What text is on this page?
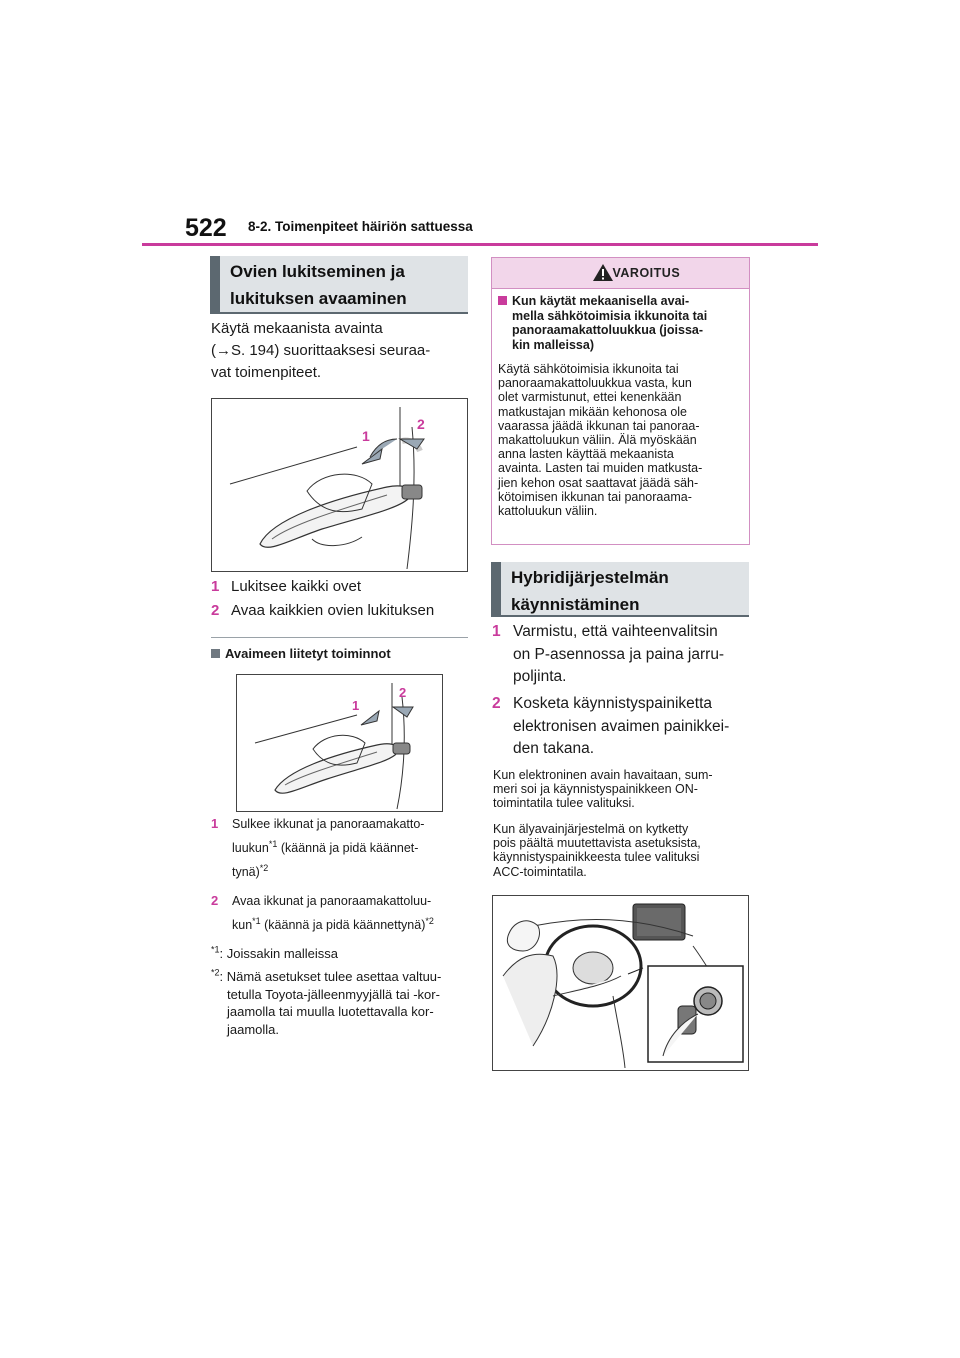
522 8-2. Toimenpiteet häiriön sattuessa
Ovien lukitseminen ja
lukituksen avaaminen
Käytä mekaanista avainta
(→S. 194) suorittaaksesi seuraa-
vat toimenpiteet.
1
2
1 Lukitsee kaikki ovet
2 Avaa kaikkien ovien lukituksen
Avaimeen liitetyt toiminnot
1
2
1 Sulkee ikkunat ja panoraamakatto-
luukun$^{*1}$ (käännä ja pidä käännet-
tynä)$^{*2}$
2 Avaa ikkunat ja panoraamakattoluu-
kun$^{*1}$ (käännä ja pidä käännettynä)$^{*2}$
$^{*1}$: Joissakin malleissa
$^{*2}$: Nämä asetukset tulee asettaa valtuu-
tetulla Toyota-jälleenmyyjällä tai -kor-
jaamolla tai muulla luotettavalla kor-
jaamolla.
VAROITUS
Kun käytät mekaanisella avai-
mella sähkötoimisia ikkunoita tai
panoraamakattoluukkua (joissa-
kin malleissa)
Käytä sähkötoimisia ikkunoita tai
panoraamakattoluukkua vasta, kun
olet varmistunut, ettei kenenkään
matkustajan mikään kehonosa ole
vaarassa jäädä ikkunan tai panoraa-
makattoluukun väliin. Älä myöskään
anna lasten käyttää mekaanista
avainta. Lasten tai muiden matkusta-
jien kehon osat saattavat jäädä säh-
kötoimisen ikkunan tai panoraama-
kattoluukun väliin.
Hybridijärjestelmän
käynnistäminen
1 Varmistu, että vaihteenvalitsin
on P-asennossa ja paina jarru-
poljinta.
2 Kosketa käynnistyspainiketta
elektronisen avaimen painikkei-
den takana.
Kun elektroninen avain havaitaan, sum-
meri soi ja käynnistyspainikkeen ON-
toimintatila tulee valituksi.
Kun älyavainjärjestelmä on kytketty
pois päältä muutettavista asetuksista,
käynnistyspainikkeesta tulee valituksi
ACC-toimintatila.
